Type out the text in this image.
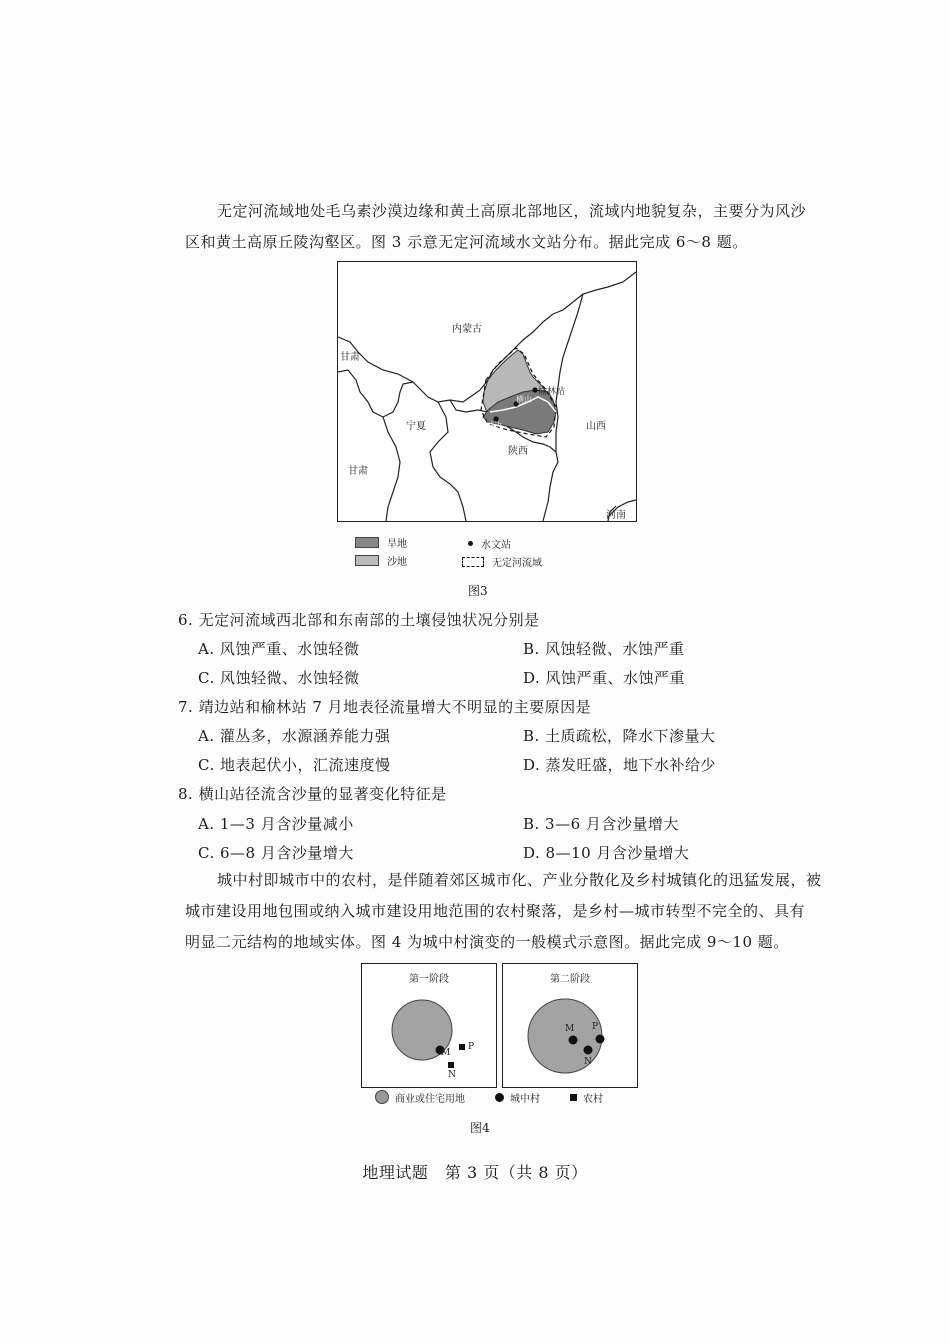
无定河流域地处毛乌素沙漠边缘和黄土高原北部地区，流域内地貌复杂，主要分为风沙
区和黄土高原丘陵沟壑区。图 3 示意无定河流域水文站分布。据此完成 6～8 题。
内蒙古
甘肃
甘肃
宁夏
陕西
山西
河南
榆林站
横山
靖边
旱地
沙地
水文站
无定河流域
图3
6. 无定河流域西北部和东南部的土壤侵蚀状况分别是
A. 风蚀严重、水蚀轻微	B. 风蚀轻微、水蚀严重
C. 风蚀轻微、水蚀轻微	D. 风蚀严重、水蚀严重
7. 靖边站和榆林站 7 月地表径流量增大不明显的主要原因是
A. 灌丛多，水源涵养能力强	B. 土质疏松，降水下渗量大
C. 地表起伏小，汇流速度慢	D. 蒸发旺盛，地下水补给少
8. 横山站径流含沙量的显著变化特征是
A. 1—3 月含沙量减小	B. 3—6 月含沙量增大
C. 6—8 月含沙量增大	D. 8—10 月含沙量增大
城中村即城市中的农村，是伴随着郊区城市化、产业分散化及乡村城镇化的迅猛发展，被
城市建设用地包围或纳入城市建设用地范围的农村聚落，是乡村—城市转型不完全的、具有
明显二元结构的地域实体。图 4 为城中村演变的一般模式示意图。据此完成 9～10 题。
第一阶段
M
P
N
第二阶段
M P
N
商业或住宅用地	城中村	农村
图4
地理试题　第 3 页（共 8 页）
